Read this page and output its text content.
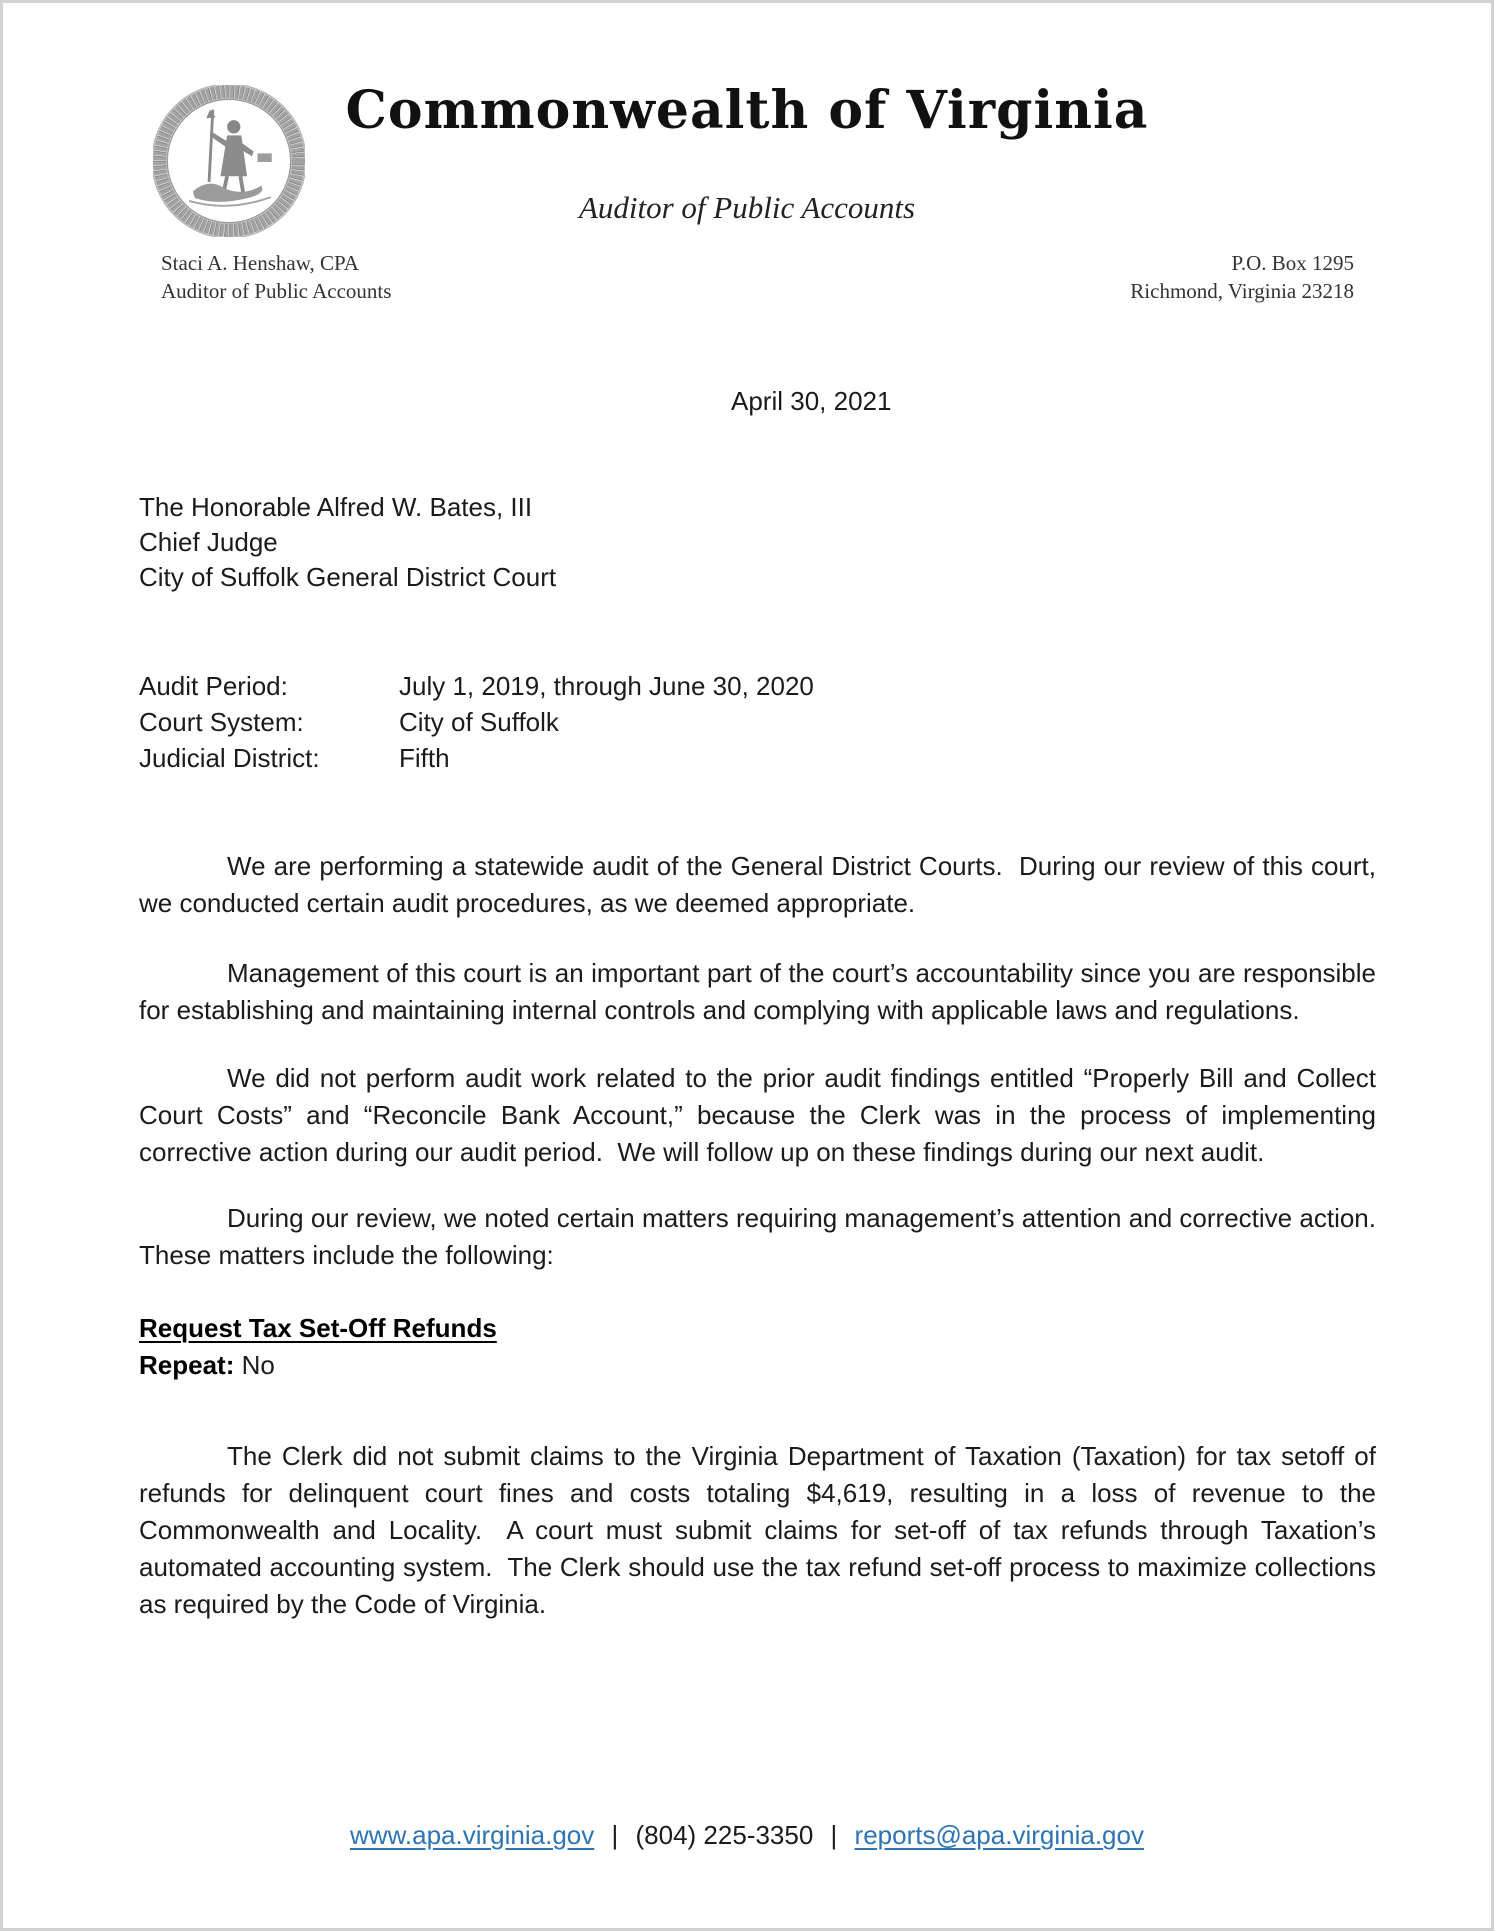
Commonwealth of Virginia
Auditor of Public Accounts
Staci A. Henshaw, CPA
Auditor of Public Accounts
P.O. Box 1295
Richmond, Virginia 23218
April 30, 2021
The Honorable Alfred W. Bates, III
Chief Judge
City of Suffolk General District Court
Audit Period:	July 1, 2019, through June 30, 2020
Court System:	City of Suffolk
Judicial District:	Fifth

We are performing a statewide audit of the General District Courts.  During our review of this court, we conducted certain audit procedures, as we deemed appropriate.

Management of this court is an important part of the court’s accountability since you are responsible for establishing and maintaining internal controls and complying with applicable laws and regulations.

We did not perform audit work related to the prior audit findings entitled “Properly Bill and Collect Court Costs” and “Reconcile Bank Account,” because the Clerk was in the process of implementing corrective action during our audit period.  We will follow up on these findings during our next audit.

During our review, we noted certain matters requiring management’s attention and corrective action.  These matters include the following:

Request Tax Set-Off Refunds
Repeat: No

The Clerk did not submit claims to the Virginia Department of Taxation (Taxation) for tax setoff of refunds for delinquent court fines and costs totaling $4,619, resulting in a loss of revenue to the Commonwealth and Locality.  A court must submit claims for set-off of tax refunds through Taxation’s automated accounting system.  The Clerk should use the tax refund set-off process to maximize collections as required by the Code of Virginia.

www.apa.virginia.gov | (804) 225-3350 | reports@apa.virginia.gov
